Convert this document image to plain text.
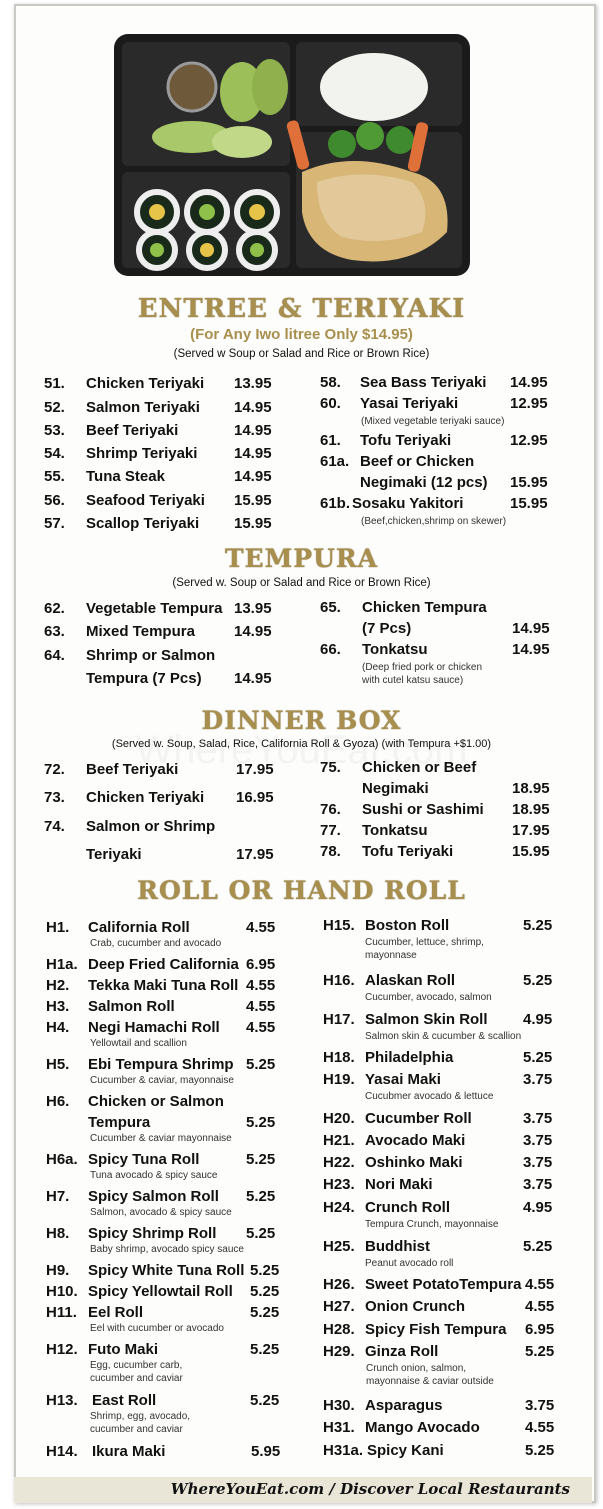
ENTREE & TERIYAKI
(For Any Iwo litree Only $14.95)
(Served w Soup or Salad and Rice or Brown Rice)
51. Chicken Teriyaki 13.95
52. Salmon Teriyaki 14.95
53. Beef Teriyaki	14.95
54. Shrimp Teriyaki 14.95
55. Tuna Steak	14.95
56. Seafood Teriyaki 15.95
57. Scallop Teriyaki 15.95
58. Sea Bass Teriyaki 14.95
60. Yasai Teriyaki	12.95
(Mixed vegetable teriyaki sauce)
61. Tofu Teriyaki	12.95
61a. Beef or Chicken
Negimaki (12 pcs) 15.95
61b. Sosaku Yakitori	15.95
(Beef,chicken,shrimp on skewer)
TEMPURA
(Served w. Soup or Salad and Rice or Brown Rice)
62. Vegetable Tempura 13.95
63. Mixed Tempura	14.95
64. Shrimp or Salmon
Tempura (7 Pcs) 14.95
65. Chicken Tempura
(7 Pcs)	14.95
66. Tonkatsu	14.95
(Deep fried pork or chicken
with cutel katsu sauce)
DINNER BOX
(Served w. Soup, Salad, Rice, California Roll & Gyoza) (with Tempura +$1.00)
72. Beef Teriyaki	17.95
73. Chicken Teriyaki 16.95
74. Salmon or Shrimp
Teriyaki	17.95
75. Chicken or Beef
Negimaki	18.95
76. Sushi or Sashimi 18.95
77. Tonkatsu	17.95
78. Tofu Teriyaki	15.95
ROLL OR HAND ROLL
H1. California Roll	4.55
Crab, cucumber and avocado
H1a. Deep Fried California 6.95
H2. Tekka Maki Tuna Roll 4.55
H3. Salmon Roll	4.55
H4. Negi Hamachi Roll 4.55
Yellowtail and scallion
H5. Ebi Tempura Shrimp 5.25
Cucumber & caviar, mayonnaise
H6. Chicken or Salmon
Tempura	5.25
Cucumber & caviar mayonnaise
H6a. Spicy Tuna Roll	5.25
Tuna avocado & spicy sauce
H7. Spicy Salmon Roll 5.25
Salmon, avocado & spicy sauce
H8. Spicy Shrimp Roll 5.25
Baby shrimp, avocado spicy sauce
H9. Spicy White Tuna Roll 5.25
H10. Spicy Yellowtail Roll 5.25
H11. Eel Roll	5.25
Eel with cucumber or avocado
H12. Futo Maki	5.25
Egg, cucumber carb,
cucumber and caviar
H13. East Roll	5.25
Shrimp, egg, avocado,
cucumber and caviar
H14. Ikura Maki	5.95
H15. Boston Roll	5.25
Cucumber, lettuce, shrimp,
mayonnase
H16. Alaskan Roll	5.25
Cucumber, avocado, salmon
H17. Salmon Skin Roll 4.95
Salmon skin & cucumber & scallion
H18. Philadelphia	5.25
H19. Yasai Maki	3.75
Cucubmer avocado & lettuce
H20. Cucumber Roll	3.75
H21. Avocado Maki	3.75
H22. Oshinko Maki	3.75
H23. Nori Maki	3.75
H24. Crunch Roll	4.95
Tempura Crunch, mayonnaise
H25. Buddhist	5.25
Peanut avocado roll
H26. Sweet PotatoTempura 4.55
H27. Onion Crunch	4.55
H28. Spicy Fish Tempura 6.95
H29. Ginza Roll	5.25
Crunch onion, salmon,
mayonnaise & caviar outside
H30. Asparagus	3.75
H31. Mango Avocado	4.55
H31a. Spicy Kani	5.25
WhereYouEat.com / Discover Local Restaurants
